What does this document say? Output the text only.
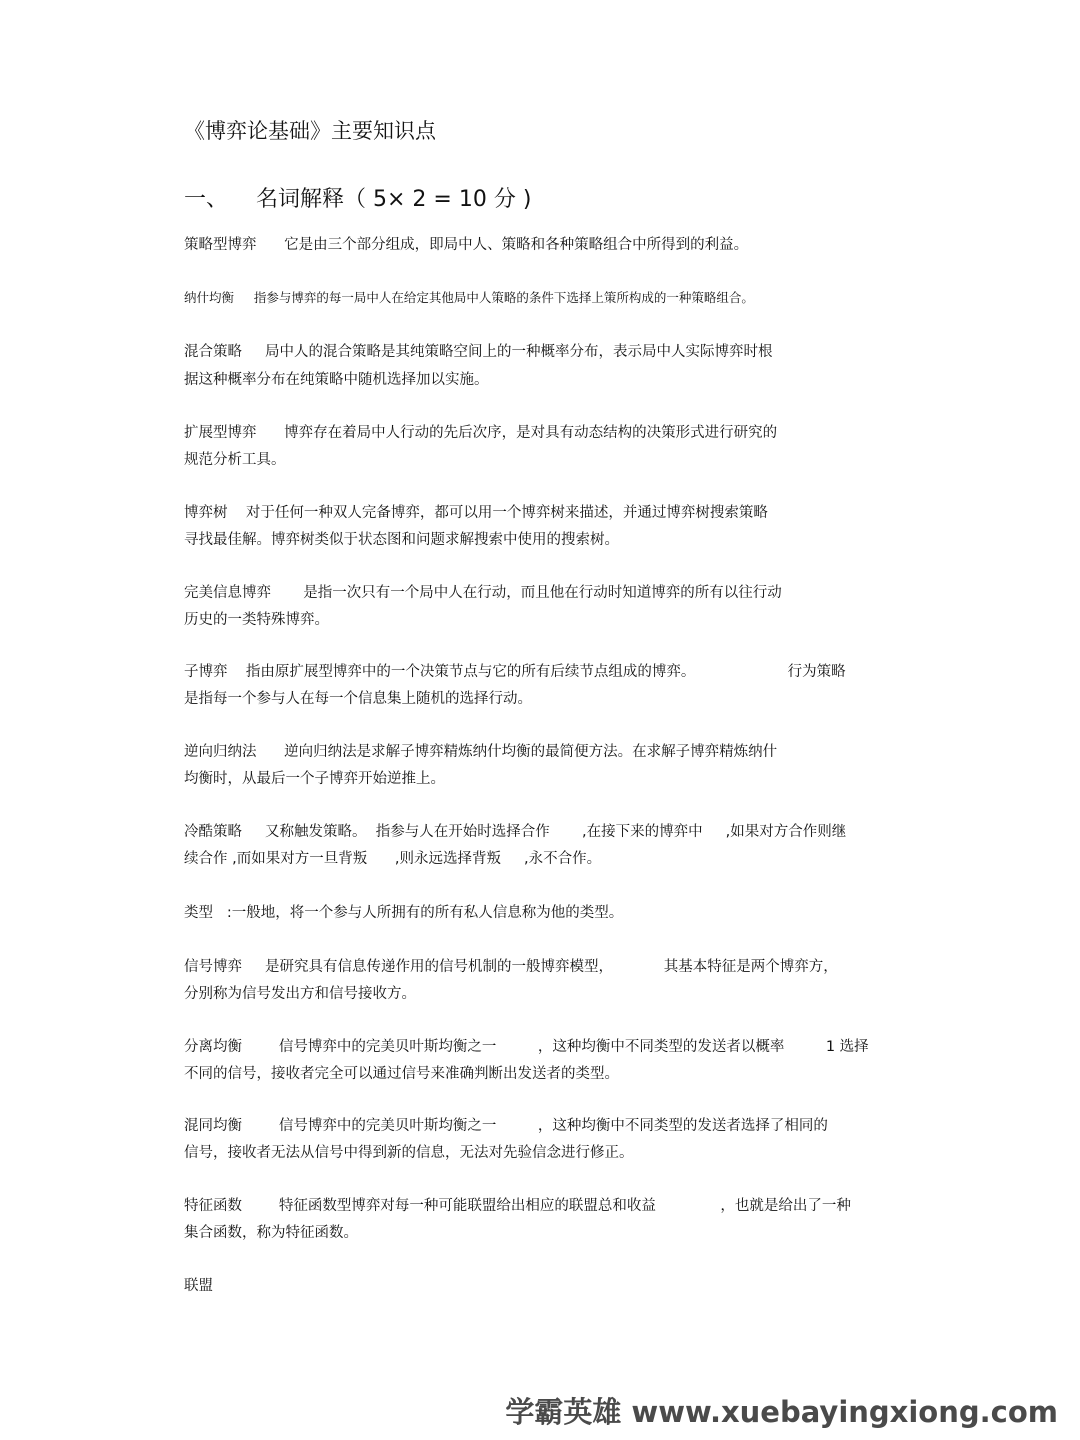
《博弈论基础》主要知识点
一、 名词解释（ 5× 2 = 10 分 )
策略型博弈      它是由三个部分组成，即局中人、策略和各种策略组合中所得到的利益。
纳什均衡     指参与博弈的每一局中人在给定其他局中人策略的条件下选择上策所构成的一种策略组合。
混合策略     局中人的混合策略是其纯策略空间上的一种概率分布，表示局中人实际博弈时根
据这种概率分布在纯策略中随机选择加以实施。
扩展型博弈      博弈存在着局中人行动的先后次序，是对具有动态结构的决策形式进行研究的
规范分析工具。
博弈树    对于任何一种双人完备博弈，都可以用一个博弈树来描述，并通过博弈树搜索策略
寻找最佳解。博弈树类似于状态图和问题求解搜索中使用的搜索树。
完美信息博弈       是指一次只有一个局中人在行动，而且他在行动时知道博弈的所有以往行动
历史的一类特殊博弈。
子博弈    指由原扩展型博弈中的一个决策节点与它的所有后续节点组成的博弈。                    行为策略
是指每一个参与人在每一个信息集上随机的选择行动。
逆向归纳法      逆向归纳法是求解子博弈精炼纳什均衡的最简便方法。在求解子博弈精炼纳什
均衡时，从最后一个子博弈开始逆推上。
冷酷策略     又称触发策略。  指参与人在开始时选择合作       ,在接下来的博弈中     ,如果对方合作则继
续合作 ,而如果对方一旦背叛      ,则永远选择背叛     ,永不合作。
类型   :一般地，将一个参与人所拥有的所有私人信息称为他的类型。
信号博弈     是研究具有信息传递作用的信号机制的一般博弈模型，           其基本特征是两个博弈方，
分别称为信号发出方和信号接收方。
分离均衡        信号博弈中的完美贝叶斯均衡之一         ，这种均衡中不同类型的发送者以概率         1 选择
不同的信号，接收者完全可以通过信号来准确判断出发送者的类型。
混同均衡        信号博弈中的完美贝叶斯均衡之一         ，这种均衡中不同类型的发送者选择了相同的
信号，接收者无法从信号中得到新的信息，无法对先验信念进行修正。
特征函数        特征函数型博弈对每一种可能联盟给出相应的联盟总和收益              ，也就是给出了一种
集合函数，称为特征函数。
联盟
学霸英雄 www.xuebayingxiong.com
